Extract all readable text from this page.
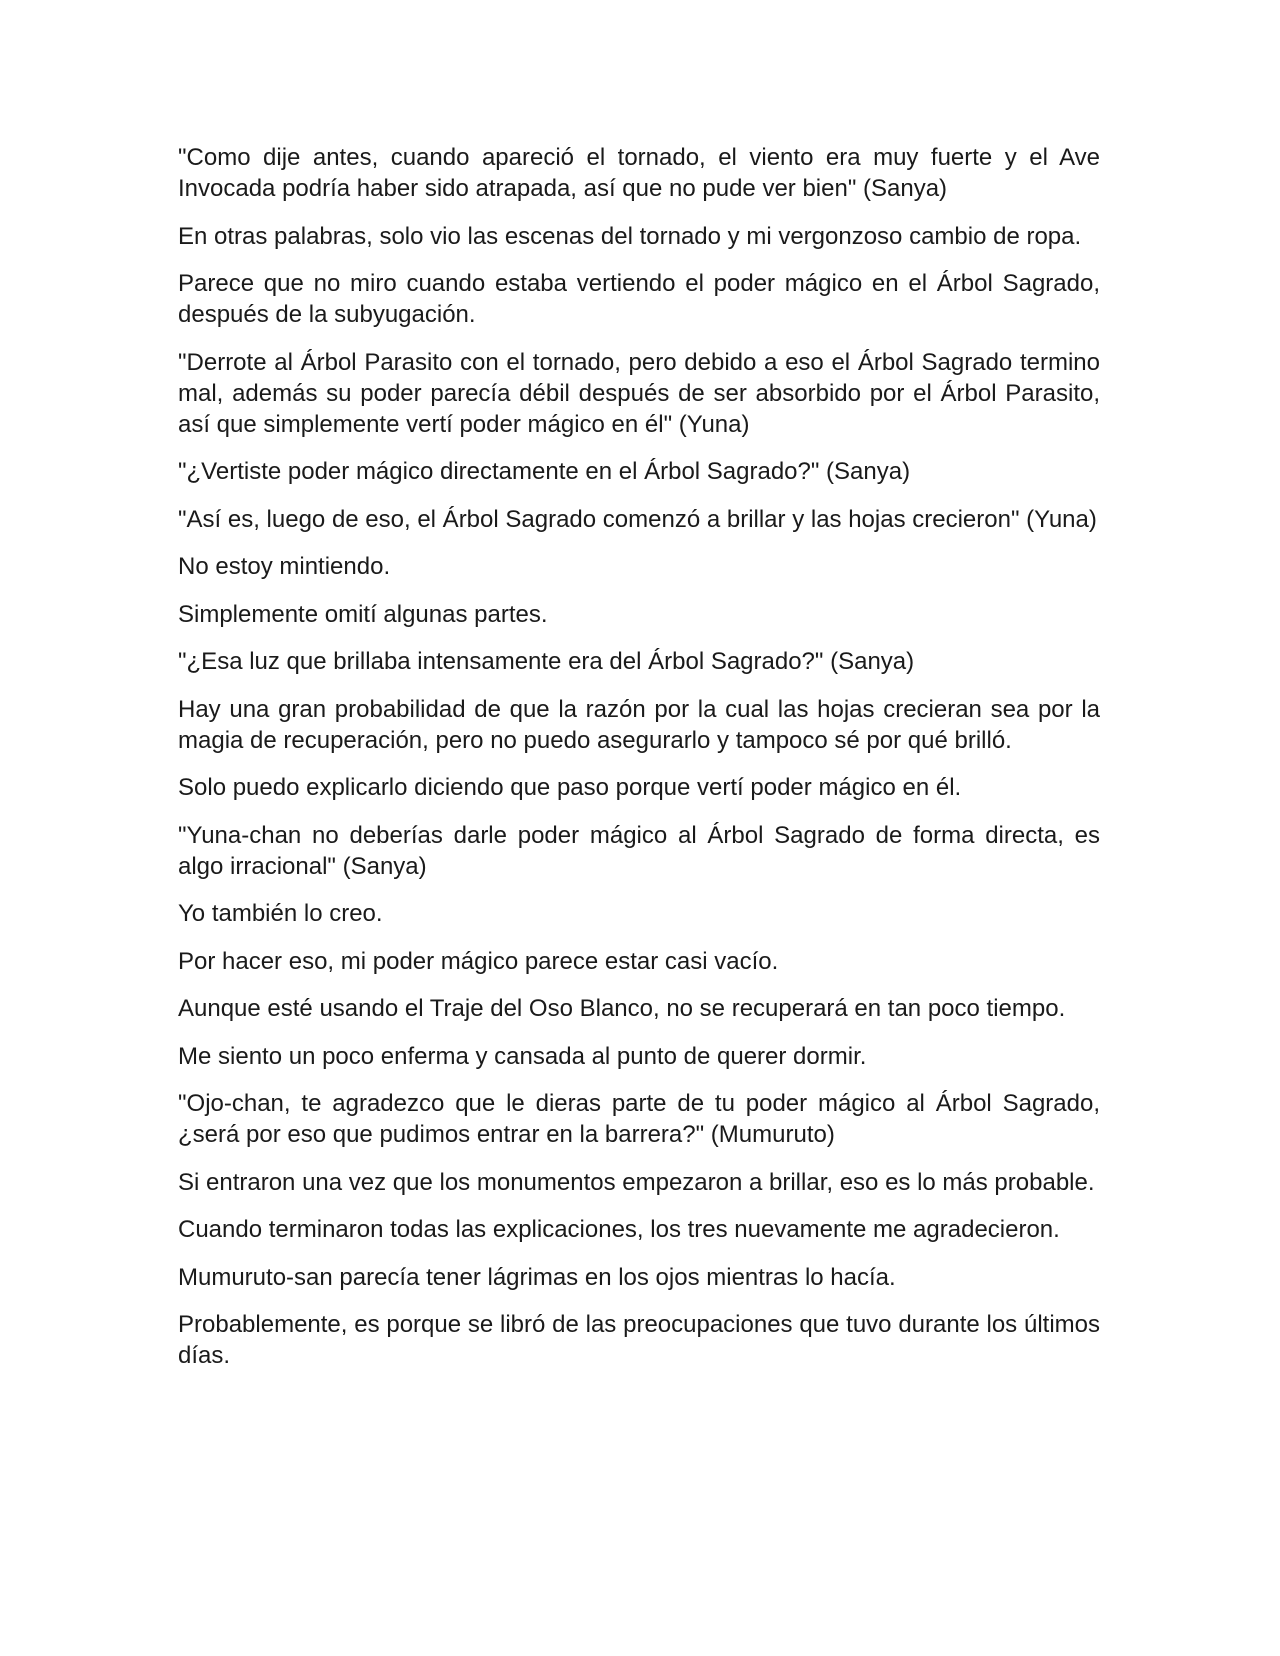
"Como dije antes, cuando apareció el tornado, el viento era muy fuerte y el Ave Invocada podría haber sido atrapada, así que no pude ver bien" (Sanya)

En otras palabras, solo vio las escenas del tornado y mi vergonzoso cambio de ropa.

Parece que no miro cuando estaba vertiendo el poder mágico en el Árbol Sagrado, después de la subyugación.

"Derrote al Árbol Parasito con el tornado, pero debido a eso el Árbol Sagrado termino mal, además su poder parecía débil después de ser absorbido por el Árbol Parasito, así que simplemente vertí poder mágico en él" (Yuna)

"¿Vertiste poder mágico directamente en el Árbol Sagrado?" (Sanya)

"Así es, luego de eso, el Árbol Sagrado comenzó a brillar y las hojas crecieron" (Yuna)

No estoy mintiendo.

Simplemente omití algunas partes.

"¿Esa luz que brillaba intensamente era del Árbol Sagrado?" (Sanya)

Hay una gran probabilidad de que la razón por la cual las hojas crecieran sea por la magia de recuperación, pero no puedo asegurarlo y tampoco sé por qué brilló.

Solo puedo explicarlo diciendo que paso porque vertí poder mágico en él.

"Yuna-chan no deberías darle poder mágico al Árbol Sagrado de forma directa, es algo irracional" (Sanya)

Yo también lo creo.

Por hacer eso, mi poder mágico parece estar casi vacío.

Aunque esté usando el Traje del Oso Blanco, no se recuperará en tan poco tiempo.

Me siento un poco enferma y cansada al punto de querer dormir.

"Ojo-chan, te agradezco que le dieras parte de tu poder mágico al Árbol Sagrado, ¿será por eso que pudimos entrar en la barrera?" (Mumuruto)

Si entraron una vez que los monumentos empezaron a brillar, eso es lo más probable.

Cuando terminaron todas las explicaciones, los tres nuevamente me agradecieron.

Mumuruto-san parecía tener lágrimas en los ojos mientras lo hacía.

Probablemente, es porque se libró de las preocupaciones que tuvo durante los últimos días.
